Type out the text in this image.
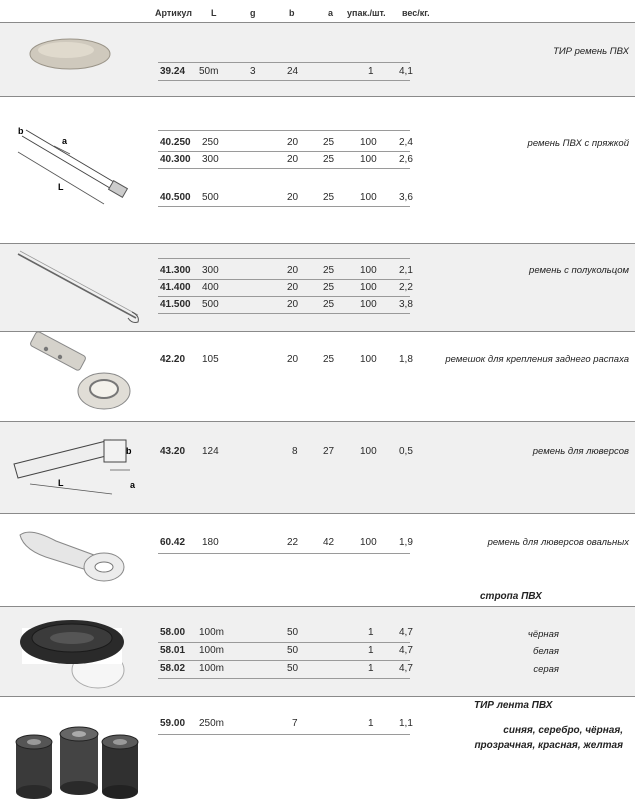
Артикул L	g	b	a упак./шт. вес/кг.
b
a
L
b
a
L
39.24 50m	3	24	1	4,1
ТИР ремень ПВХ
40.250 250	20 25	100 2,4
40.300 300	20 25	100 2,6
40.500 500	20 25	100 3,6
ремень ПВХ с пряжкой
41.300 300	20 25	100 2,1
41.400 400	20 25	100 2,2
41.500 500	20 25	100 3,8
ремень с полукольцом
42.20 105	20 25	100 1,8	ремешок для крепления заднего распаха
43.20 124	8	27	100 0,5	ремень для люверсов
60.42 180	22 42	100 1,9	ремень для люверсов овальных
стропа ПВХ
58.00 100m	50	1	4,7
58.01 100m	50	1	4,7
58.02 100m	50	1	4,7
чёрная
белая
серая
ТИР лента ПВХ
59.00 250m	7	1	1,1
синяя, серебро, чёрная,
прозрачная, красная, желтая
